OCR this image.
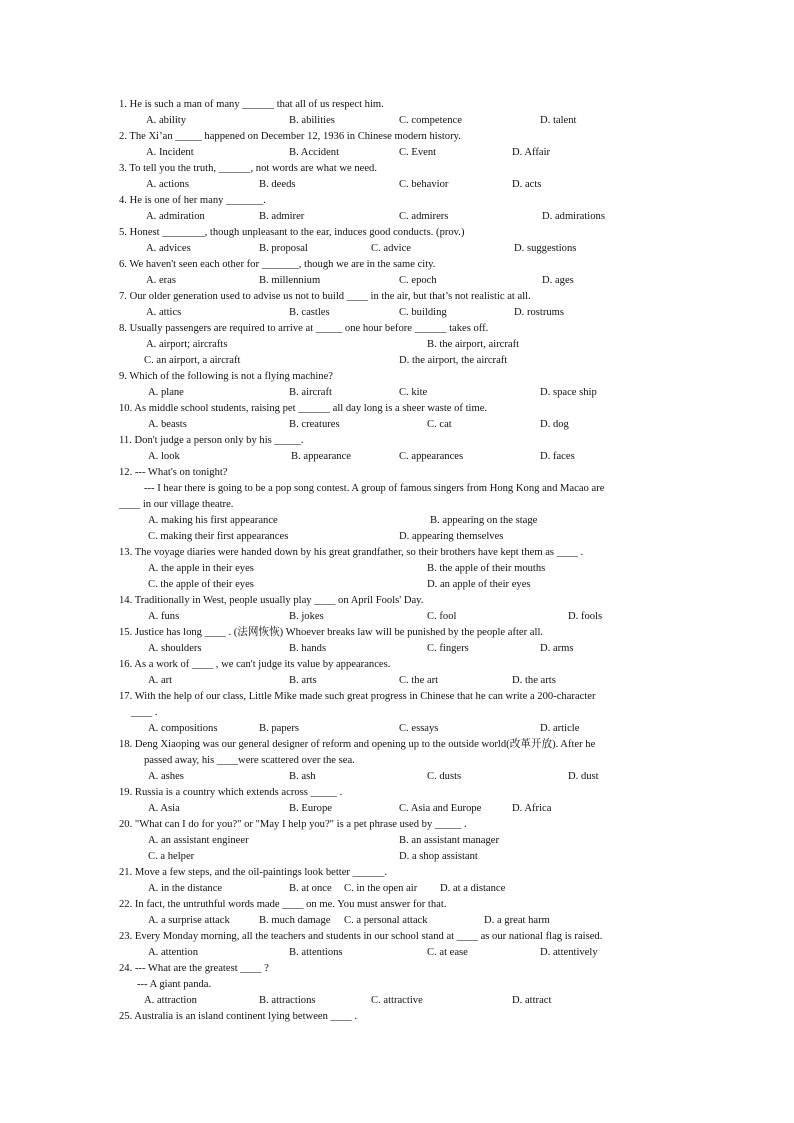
1. He is such a man of many ______ that all of us respect him.
A. ability	B. abilities	C. competence	D. talent
2. The Xi’an _____ happened on December 12, 1936 in Chinese modern history.
A. Incident	B. Accident	C. Event	D. Affair
3. To tell you the truth, ______, not words are what we need.
A. actions	B. deeds	C. behavior	D. acts
4. He is one of her many _______.
A. admiration	B. admirer	C. admirers	D. admirations
5. Honest ________, though unpleasant to the ear, induces good conducts. (prov.)
A. advices	B. proposal	C. advice	D. suggestions
6. We haven't seen each other for _______, though we are in the same city.
A. eras	B. millennium	C. epoch	D. ages
7. Our older generation used to advise us not to build ____ in the air, but that’s not realistic at all.
A. attics	B. castles	C. building	D. rostrums
8. Usually passengers are required to arrive at _____ one hour before ______ takes off.
A. airport; aircrafts	B. the airport, aircraft
C. an airport, a aircraft	D. the airport, the aircraft
9. Which of the following is not a flying machine?
A. plane	B. aircraft	C. kite	D. space ship
10. As middle school students, raising pet ______ all day long is a sheer waste of time.
A. beasts	B. creatures	C. cat	D. dog
11. Don't judge a person only by his _____.
A. look	B. appearance	C. appearances	D. faces
12. --- What's on tonight?
--- I hear there is going to be a pop song contest. A group of famous singers from Hong Kong and Macao are
____ in our village theatre.
A. making his first appearance	B. appearing on the stage
C. making their first appearances	D. appearing themselves
13. The voyage diaries were handed down by his great grandfather, so their brothers have kept them as ____ .
A. the apple in their eyes	B. the apple of their mouths
C. the apple of their eyes	D. an apple of their eyes
14. Traditionally in West, people usually play ____ on April Fools' Day.
A. funs	B. jokes	C. fool	D. fools
15. Justice has long ____ . (法网恢恢) Whoever breaks law will be punished by the people after all.
A. shoulders	B. hands	C. fingers	D. arms
16. As a work of ____ , we can't judge its value by appearances.
A. art	B. arts	C. the art	D. the arts
17. With the help of our class, Little Mike made such great progress in Chinese that he can write a 200-character
____ .
A. compositions	B. papers	C. essays	D. article
18. Deng Xiaoping was our general designer of reform and opening up to the outside world(改革开放). After he
passed away, his ____were scattered over the sea.
A. ashes	B. ash	C. dusts	D. dust
19. Russia is a country which extends across _____ .
A. Asia	B. Europe	C. Asia and Europe	D. Africa
20. "What can I do for you?" or "May I help you?" is a pet phrase used by _____ .
A. an assistant engineer	B. an assistant manager
C. a helper	D. a shop assistant
21. Move a few steps, and the oil-paintings look better ______.
A. in the distance	B. at once C. in the open air D. at a distance
22. In fact, the untruthful words made ____ on me. You must answer for that.
A. a surprise attack	B. much damage C. a personal attack	D. a great harm
23. Every Monday morning, all the teachers and students in our school stand at ____ as our national flag is raised.
A. attention	B. attentions	C. at ease	D. attentively
24. --- What are the greatest ____ ?
--- A giant panda.
A. attraction	B. attractions	C. attractive	D. attract
25. Australia is an island continent lying between ____ .
